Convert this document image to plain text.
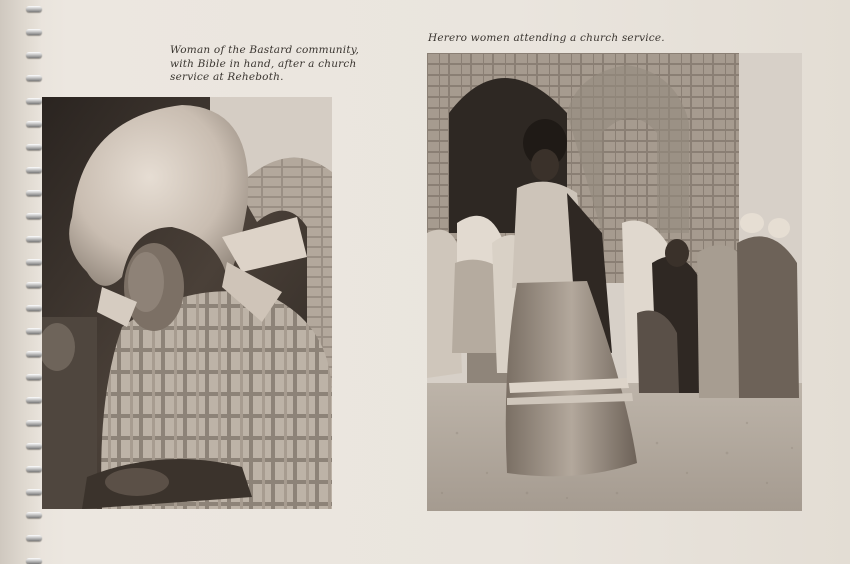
Woman of the Bastard community, with Bible in hand, after a church service at Reheboth.

Herero women attending a church service.
